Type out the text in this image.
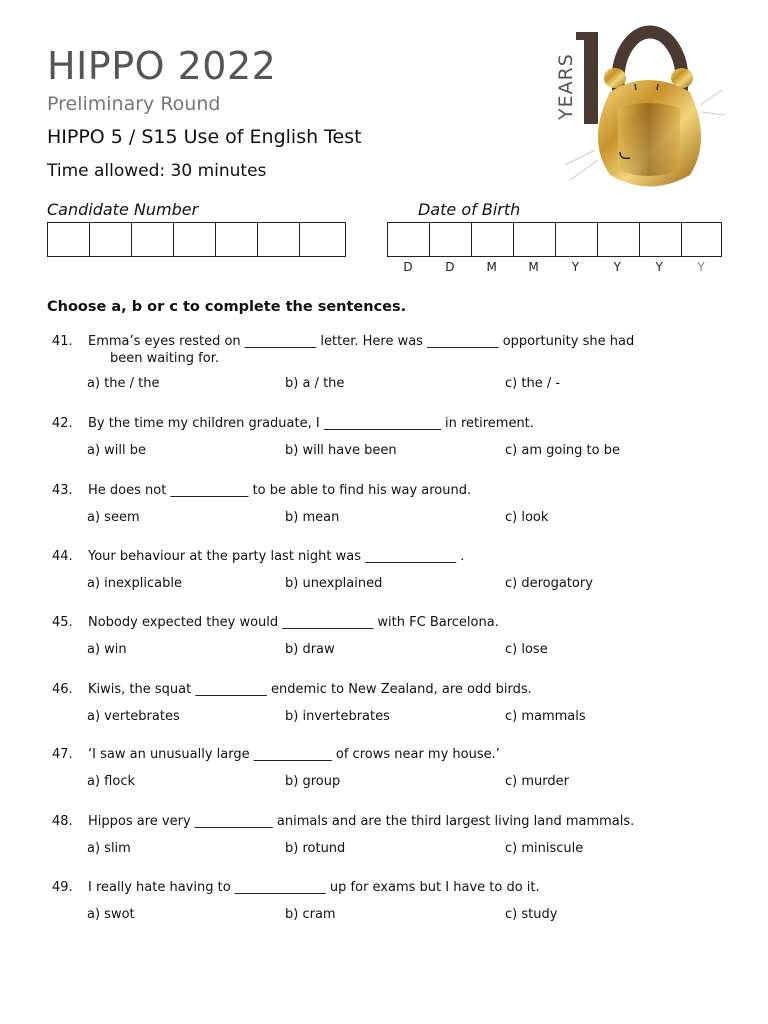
HIPPO 2022
Preliminary Round
HIPPO 5 / S15 Use of English Test
Time allowed: 30 minutes
YEARS
10
Candidate Number	Date of Birth
D	D	M	M	Y	Y	Y	Y
Choose a, b or c to complete the sentences.
41. Emma’s eyes rested on ___________ letter. Here was ___________ opportunity she had
been waiting for.
a) the / the	b) a / the	c) the / -
42. By the time my children graduate, I __________________ in retirement.
a) will be	b) will have been	c) am going to be
43. He does not ____________ to be able to find his way around.
a) seem	b) mean	c) look
44. Your behaviour at the party last night was ______________ .
a) inexplicable	b) unexplained	c) derogatory
45. Nobody expected they would ______________ with FC Barcelona.
a) win	b) draw	c) lose
46. Kiwis, the squat ___________ endemic to New Zealand, are odd birds.
a) vertebrates	b) invertebrates	c) mammals
47. ‘I saw an unusually large ____________ of crows near my house.’
a) flock	b) group	c) murder
48. Hippos are very ____________ animals and are the third largest living land mammals.
a) slim	b) rotund	c) miniscule
49. I really hate having to ______________ up for exams but I have to do it.
a) swot	b) cram	c) study
